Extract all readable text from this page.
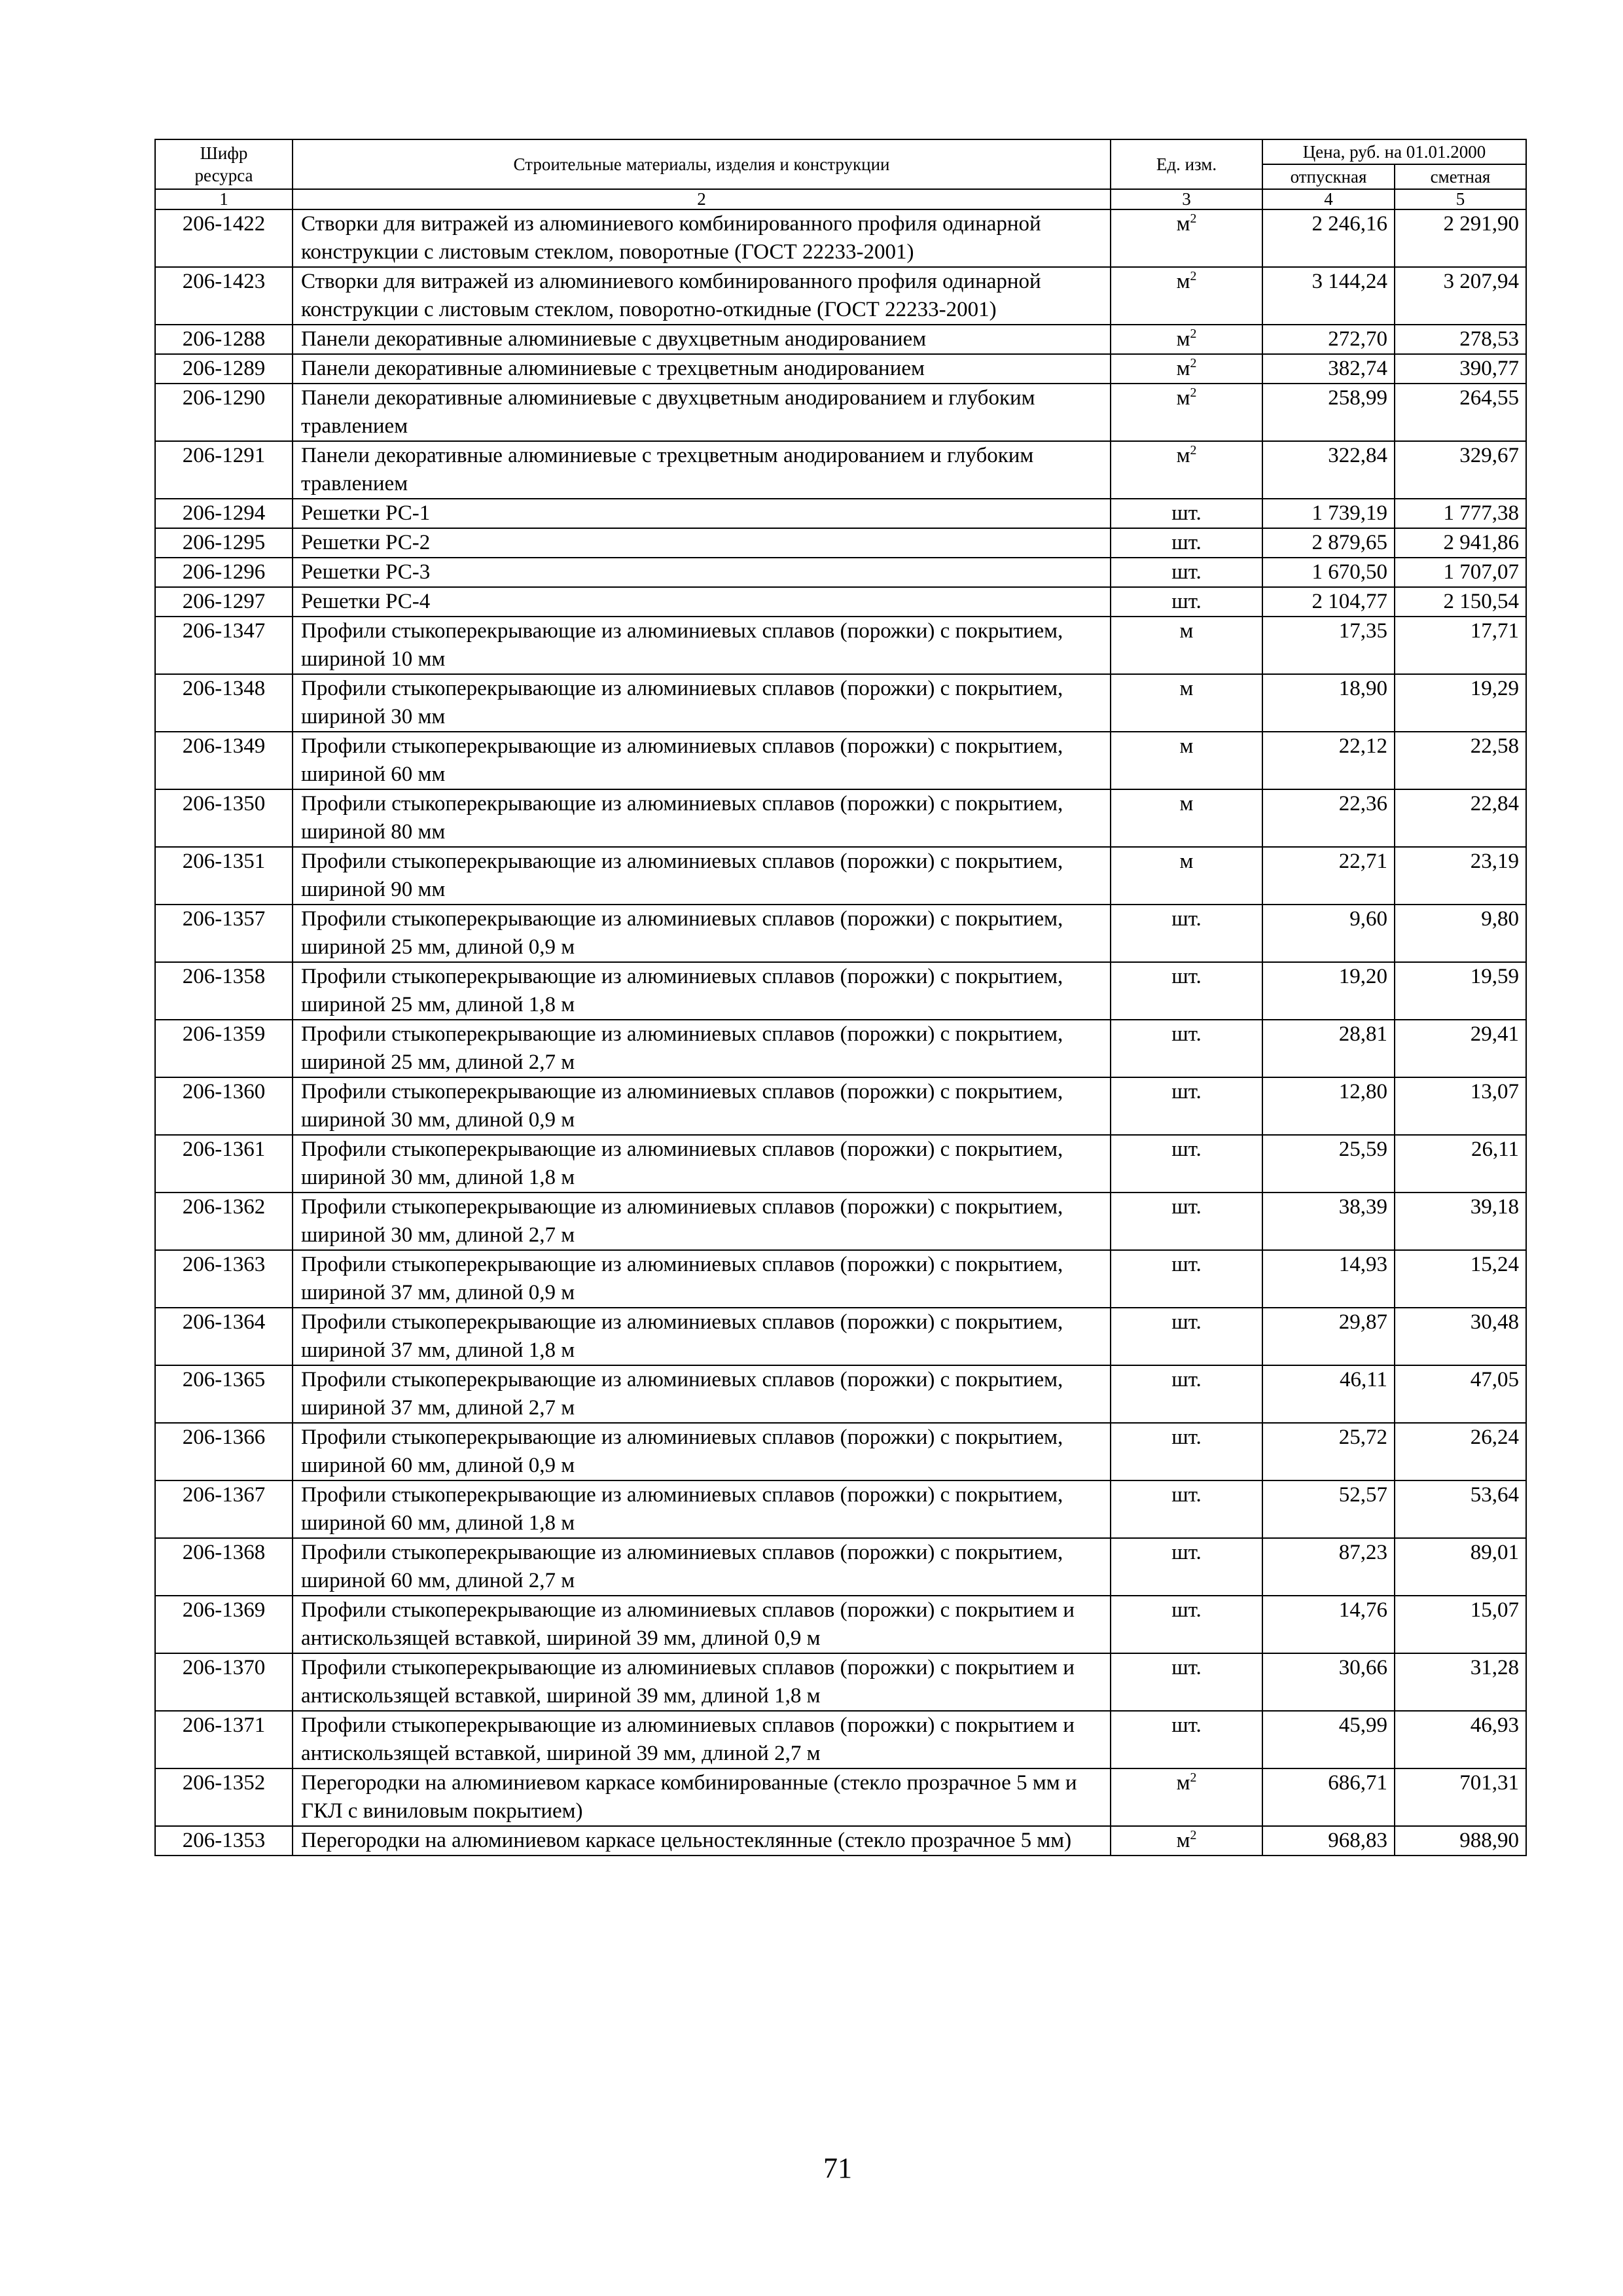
Шифр
ресурса	Строительные материалы, изделия и конструкции	Ед. изм.	Цена, руб. на 01.01.2000	
			отпускная	сметная
1	2	3	4	5
206-1422	Створки для витражей из алюминиевого комбинированного профиля одинарной конструкции с листовым стеклом, поворотные (ГОСТ 22233-2001)	$м^2$	2 246,16	2 291,90
206-1423	Створки для витражей из алюминиевого комбинированного профиля одинарной конструкции с листовым стеклом, поворотно-откидные (ГОСТ 22233-2001)	$м^2$	3 144,24	3 207,94
206-1288	Панели декоративные алюминиевые с двухцветным анодированием	$м^2$	272,70	278,53
206-1289	Панели декоративные алюминиевые с трехцветным анодированием	$м^2$	382,74	390,77
206-1290	Панели декоративные алюминиевые с двухцветным анодированием и глубоким травлением	$м^2$	258,99	264,55
206-1291	Панели декоративные алюминиевые с трехцветным анодированием и глубоким травлением	$м^2$	322,84	329,67
206-1294	Решетки РС-1	шт.	1 739,19	1 777,38
206-1295	Решетки РС-2	шт.	2 879,65	2 941,86
206-1296	Решетки РС-3	шт.	1 670,50	1 707,07
206-1297	Решетки РС-4	шт.	2 104,77	2 150,54
206-1347	Профили стыкоперекрывающие из алюминиевых сплавов (порожки) с покрытием, шириной 10 мм	м	17,35	17,71
206-1348	Профили стыкоперекрывающие из алюминиевых сплавов (порожки) с покрытием, шириной 30 мм	м	18,90	19,29
206-1349	Профили стыкоперекрывающие из алюминиевых сплавов (порожки) с покрытием, шириной 60 мм	м	22,12	22,58
206-1350	Профили стыкоперекрывающие из алюминиевых сплавов (порожки) с покрытием, шириной 80 мм	м	22,36	22,84
206-1351	Профили стыкоперекрывающие из алюминиевых сплавов (порожки) с покрытием, шириной 90 мм	м	22,71	23,19
206-1357	Профили стыкоперекрывающие из алюминиевых сплавов (порожки) с покрытием, шириной 25 мм, длиной 0,9 м	шт.	9,60	9,80
206-1358	Профили стыкоперекрывающие из алюминиевых сплавов (порожки) с покрытием, шириной 25 мм, длиной 1,8 м	шт.	19,20	19,59
206-1359	Профили стыкоперекрывающие из алюминиевых сплавов (порожки) с покрытием, шириной 25 мм, длиной 2,7 м	шт.	28,81	29,41
206-1360	Профили стыкоперекрывающие из алюминиевых сплавов (порожки) с покрытием, шириной 30 мм, длиной 0,9 м	шт.	12,80	13,07
206-1361	Профили стыкоперекрывающие из алюминиевых сплавов (порожки) с покрытием, шириной 30 мм, длиной 1,8 м	шт.	25,59	26,11
206-1362	Профили стыкоперекрывающие из алюминиевых сплавов (порожки) с покрытием, шириной 30 мм, длиной 2,7 м	шт.	38,39	39,18
206-1363	Профили стыкоперекрывающие из алюминиевых сплавов (порожки) с покрытием, шириной 37 мм, длиной 0,9 м	шт.	14,93	15,24
206-1364	Профили стыкоперекрывающие из алюминиевых сплавов (порожки) с покрытием, шириной 37 мм, длиной 1,8 м	шт.	29,87	30,48
206-1365	Профили стыкоперекрывающие из алюминиевых сплавов (порожки) с покрытием, шириной 37 мм, длиной 2,7 м	шт.	46,11	47,05
206-1366	Профили стыкоперекрывающие из алюминиевых сплавов (порожки) с покрытием, шириной 60 мм, длиной 0,9 м	шт.	25,72	26,24
206-1367	Профили стыкоперекрывающие из алюминиевых сплавов (порожки) с покрытием, шириной 60 мм, длиной 1,8 м	шт.	52,57	53,64
206-1368	Профили стыкоперекрывающие из алюминиевых сплавов (порожки) с покрытием, шириной 60 мм, длиной 2,7 м	шт.	87,23	89,01
206-1369	Профили стыкоперекрывающие из алюминиевых сплавов (порожки) с покрытием и антискользящей вставкой, шириной 39 мм, длиной 0,9 м	шт.	14,76	15,07
206-1370	Профили стыкоперекрывающие из алюминиевых сплавов (порожки) с покрытием и антискользящей вставкой, шириной 39 мм, длиной 1,8 м	шт.	30,66	31,28
206-1371	Профили стыкоперекрывающие из алюминиевых сплавов (порожки) с покрытием и антискользящей вставкой, шириной 39 мм, длиной 2,7 м	шт.	45,99	46,93
206-1352	Перегородки на алюминиевом каркасе комбинированные (стекло прозрачное 5 мм и ГКЛ с виниловым покрытием)	$м^2$	686,71	701,31
206-1353	Перегородки на алюминиевом каркасе цельностеклянные (стекло прозрачное 5 мм)	$м^2$	968,83	988,90
71
